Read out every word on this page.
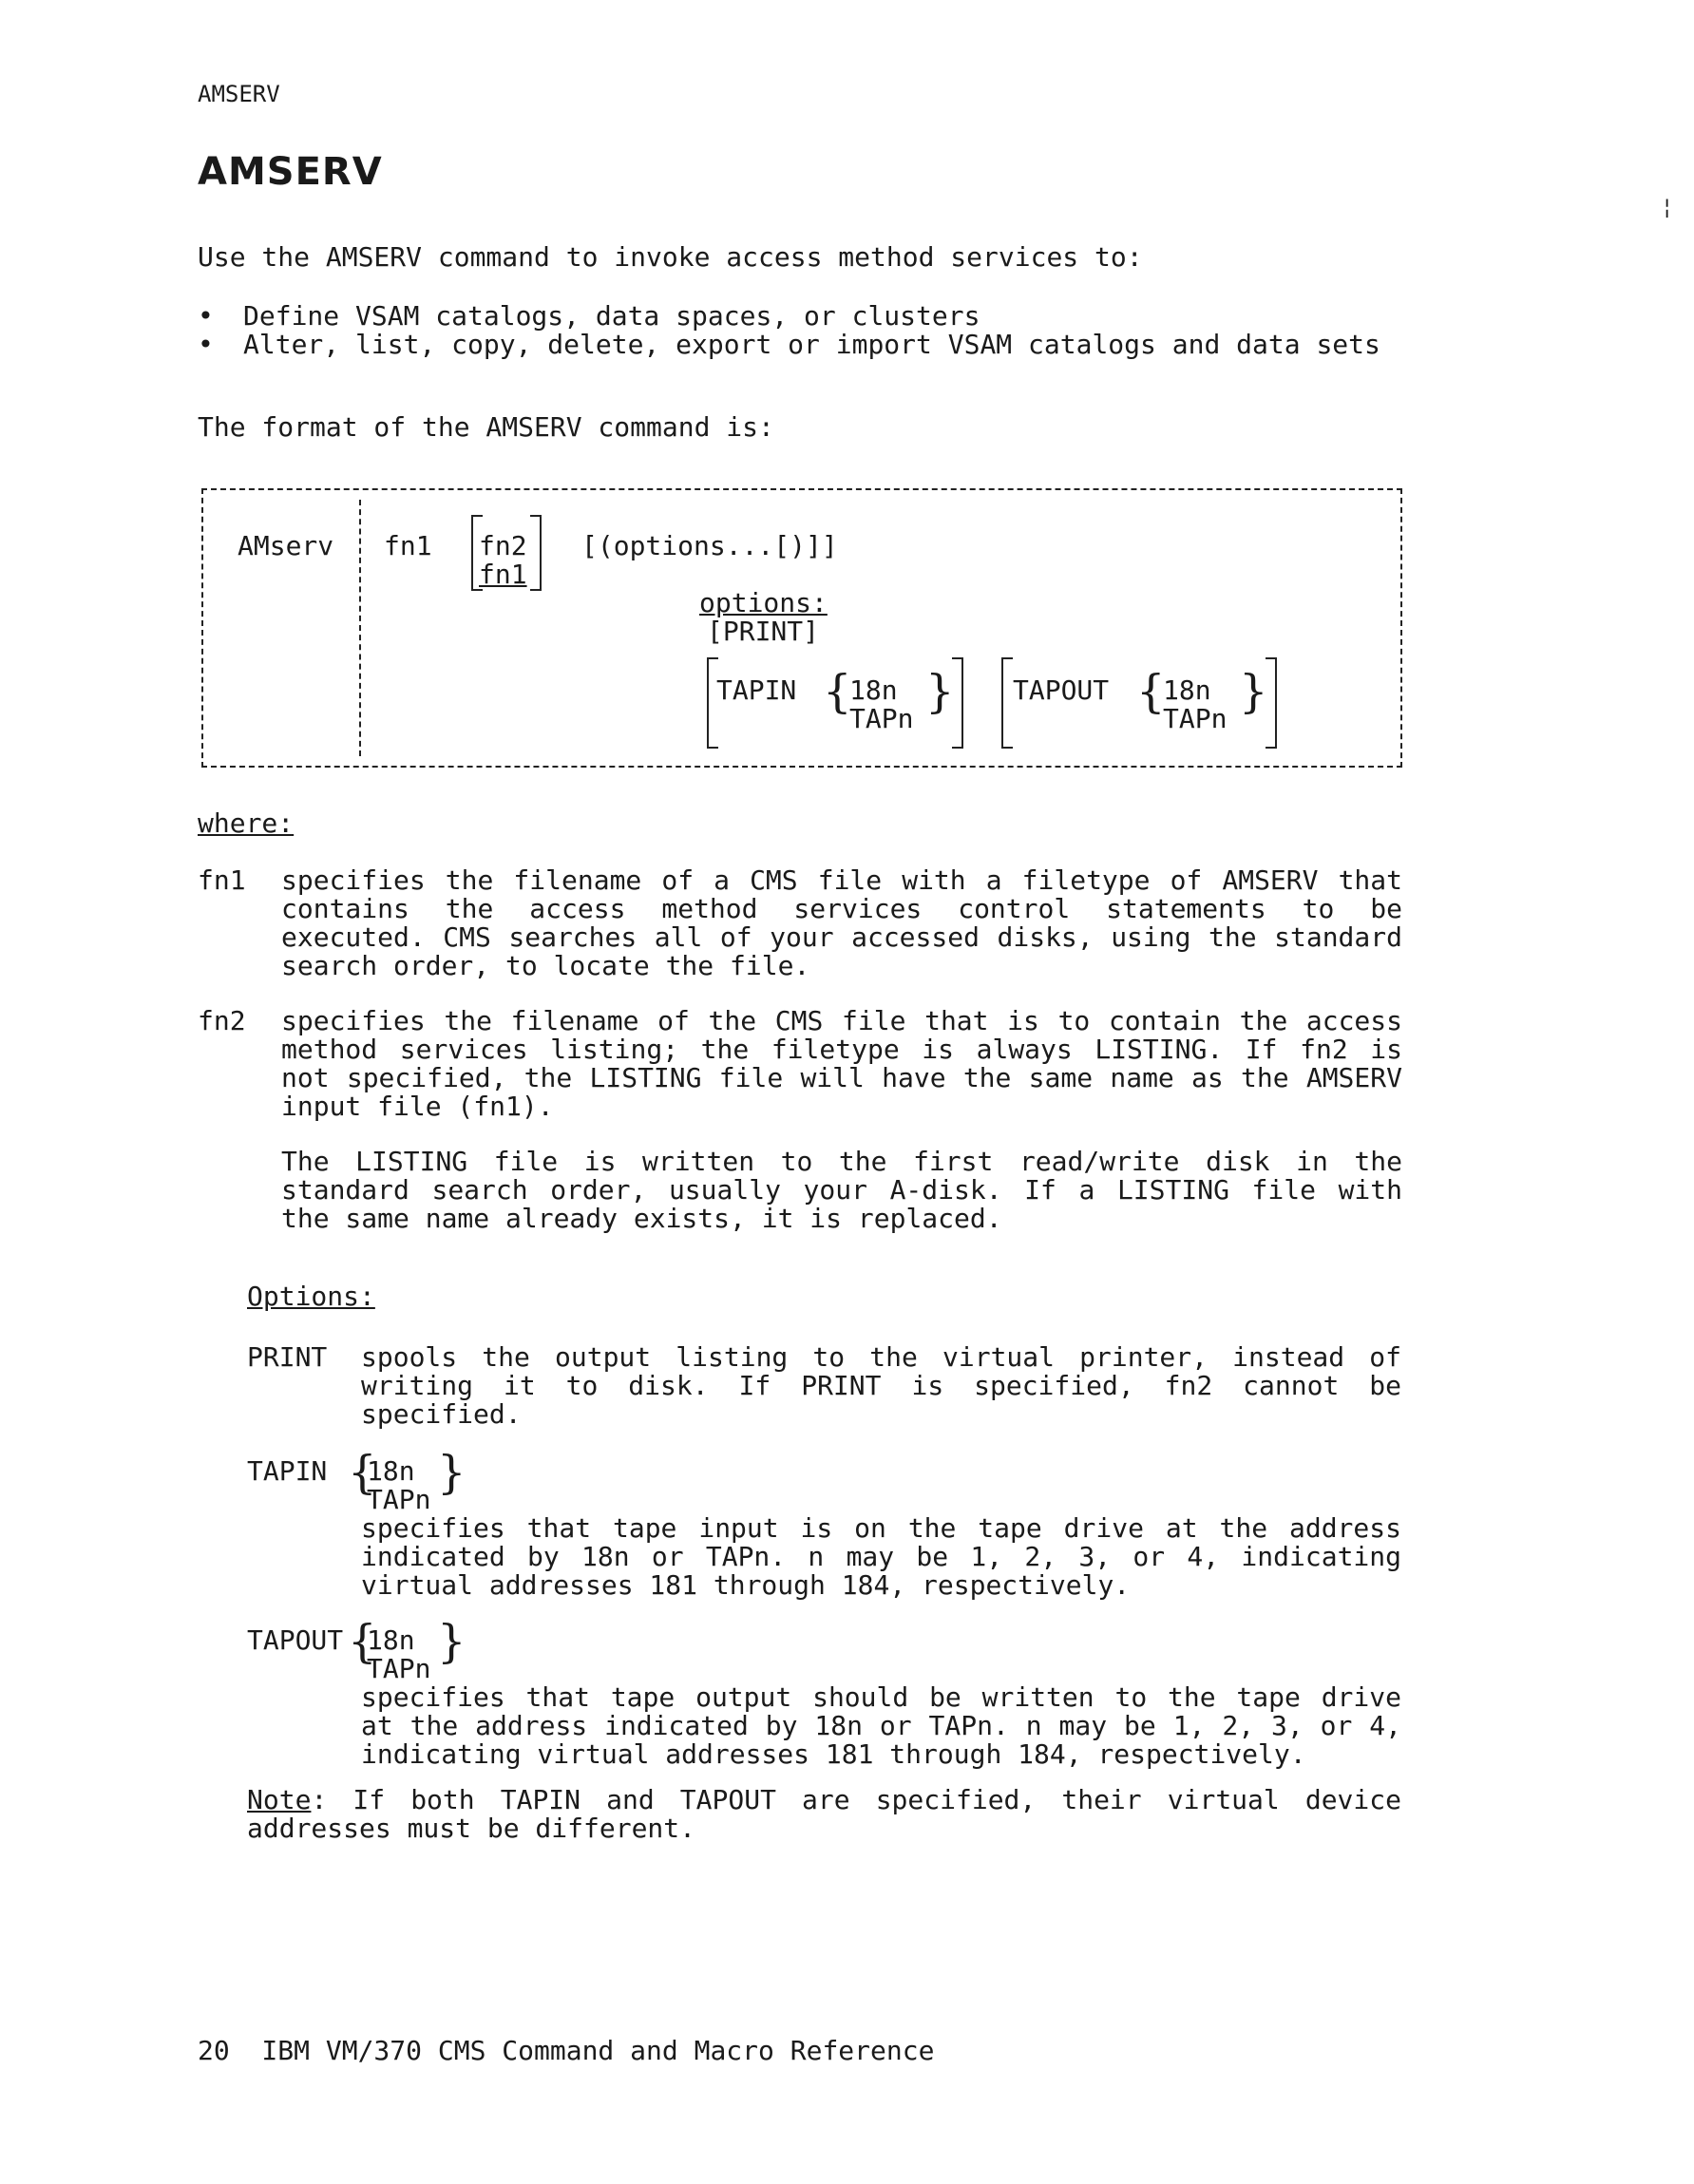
AMSERV
AMSERV
¦
Use the AMSERV command to invoke access method services to:
•	Define VSAM catalogs, data spaces, or clusters
•	Alter, list, copy, delete, export or import VSAM catalogs and data sets
The format of the AMSERV command is:
AMserv fn1 fn2
fn1
[(options...[)]]
options:
[PRINT]
TAPIN {
18n
TAPn
} TAPOUT {
18n
TAPn
}
where:
fn1 specifies the filename of a CMS file with a filetype of AMSERV that contains the access method services control statements to be executed. CMS searches all of your accessed disks, using the standard search order, to locate the file.
fn2 specifies the filename of the CMS file that is to contain the access method services listing; the filetype is always LISTING. If fn2 is not specified, the LISTING file will have the same name as the AMSERV input file (fn1).
The LISTING file is written to the first read/write disk in the standard search order, usually your A-disk. If a LISTING file with the same name already exists, it is replaced.
Options:
PRINT spools the output listing to the virtual printer, instead of writing it to disk. If PRINT is specified, fn2 cannot be specified.
TAPIN {
18n
TAPn
}
specifies that tape input is on the tape drive at the address indicated by 18n or TAPn. n may be 1, 2, 3, or 4, indicating virtual addresses 181 through 184, respectively.
TAPOUT {
18n
TAPn
}
specifies that tape output should be written to the tape drive at the address indicated by 18n or TAPn. n may be 1, 2, 3, or 4, indicating virtual addresses 181 through 184, respectively.
Note: If both TAPIN and TAPOUT are specified, their virtual device addresses must be different.
20  IBM VM/370 CMS Command and Macro Reference
